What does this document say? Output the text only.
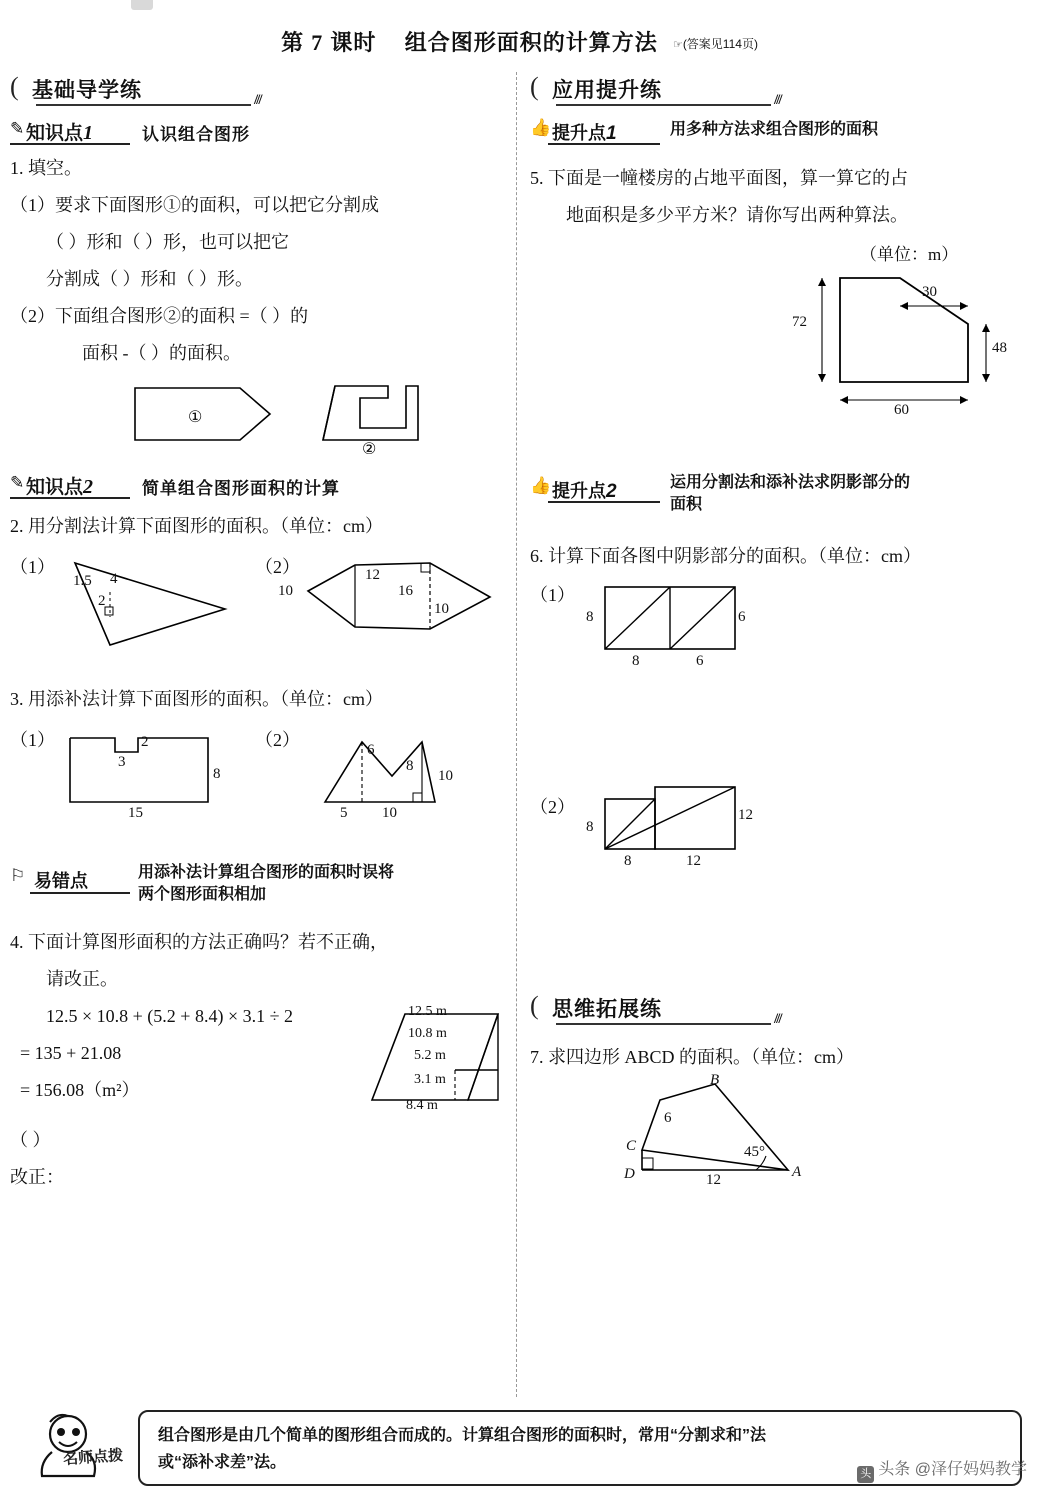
第 7 课时 组合图形面积的计算方法 ☞(答案见114页)
( 基础导学练	///
✎ 知识点1	认识组合图形
1. 填空。
（1）要求下面图形①的面积，可以把它分割成
（ ）形和（ ）形，也可以把它
分割成（ ）形和（ ）形。
（2）下面组合图形②的面积 =（ ）的
面积 -（ ）的面积。
①
②
✎ 知识点2	简单组合图形面积的计算
2. 用分割法计算下面图形的面积。（单位：cm）
（1）	（2）
1.5 4
2
10
12
16
10
3. 用添补法计算下面图形的面积。（单位：cm）
（1）	（2）
2
3
8
15
6
8
10
5 10
⚐ 易错点	用添补法计算组合图形的面积时误将
两个图形面积相加
4. 下面计算图形面积的方法正确吗？若不正确，
请改正。
12.5 × 10.8 + (5.2 + 8.4) × 3.1 ÷ 2
= 135 + 21.08
= 156.08（m²）
12.5 m
10.8 m
5.2 m
3.1 m
8.4 m
（ ）
改正：
( 应用提升练	///
👍 提升点1	用多种方法求组合图形的面积
5. 下面是一幢楼房的占地平面图，算一算它的占
地面积是多少平方米？请你写出两种算法。
（单位：m）
72
30
48
60
👍 提升点2	运用分割法和添补法求阴影部分的
面积
6. 计算下面各图中阴影部分的面积。（单位：cm）
（1）
8	6
8	6
（2）
8
12
8	12
( 思维拓展练	///
7. 求四边形 ABCD 的面积。（单位：cm）
B
C
D	A
6
45°
12
组合图形是由几个简单的图形组合而成的。计算组合图形的面积时，常用“分割求和”法
或“添补求差”法。
名师点拨
头 头条 @泽仔妈妈教学
